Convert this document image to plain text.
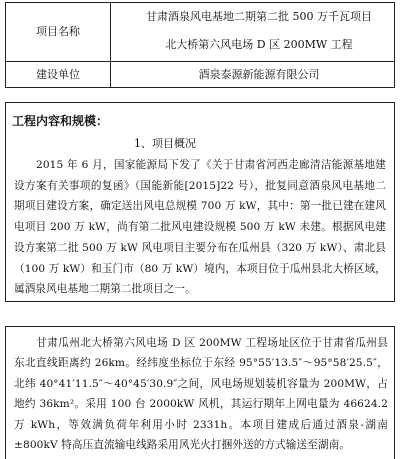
项目名称
甘肃酒泉风电基地二期第二批 500 万千瓦项目
北大桥第六风电场 D 区 200MW 工程
建设单位	酒泉泰源新能源有限公司
工程内容和规模：
1、项目概况
2015 年 6 月，国家能源局下发了《关于甘肃省河西走廊清洁能源基地建设方案有关事项的复函》（国能新能[2015]22 号），批复同意酒泉风电基地二期项目建设方案，确定送出风电总规模 700 万 kW，其中：第一批已建在建风电项目 200 万 kW，尚有第二批风电建设规模 500 万 kW 未建。根据风电建设方案第二批 500 万 kW 风电项目主要分布在瓜州县（320 万 kW）、肃北县（100 万 kW）和玉门市（80 万 kW）境内，本项目位于瓜州县北大桥区域，属酒泉风电基地二期第二批项目之一。
甘肃瓜州北大桥第六风电场 D 区 200MW 工程场址区位于甘肃省瓜州县东北直线距离约 26km。经纬度坐标位于东经 95°55′13.5″～95°58′25.5″，北纬 40°41′11.5″～40°45′30.9″之间，风电场规划装机容量为 200MW，占地约 36km²。采用 100 台 2000kW 风机，其运行期年上网电量为 46624.2 万 kWh，等效满负荷年利用小时 2331h。本项目建成后通过酒泉-湖南±800kV 特高压直流输电线路采用风光火打捆外送的方式输送至湖南。
